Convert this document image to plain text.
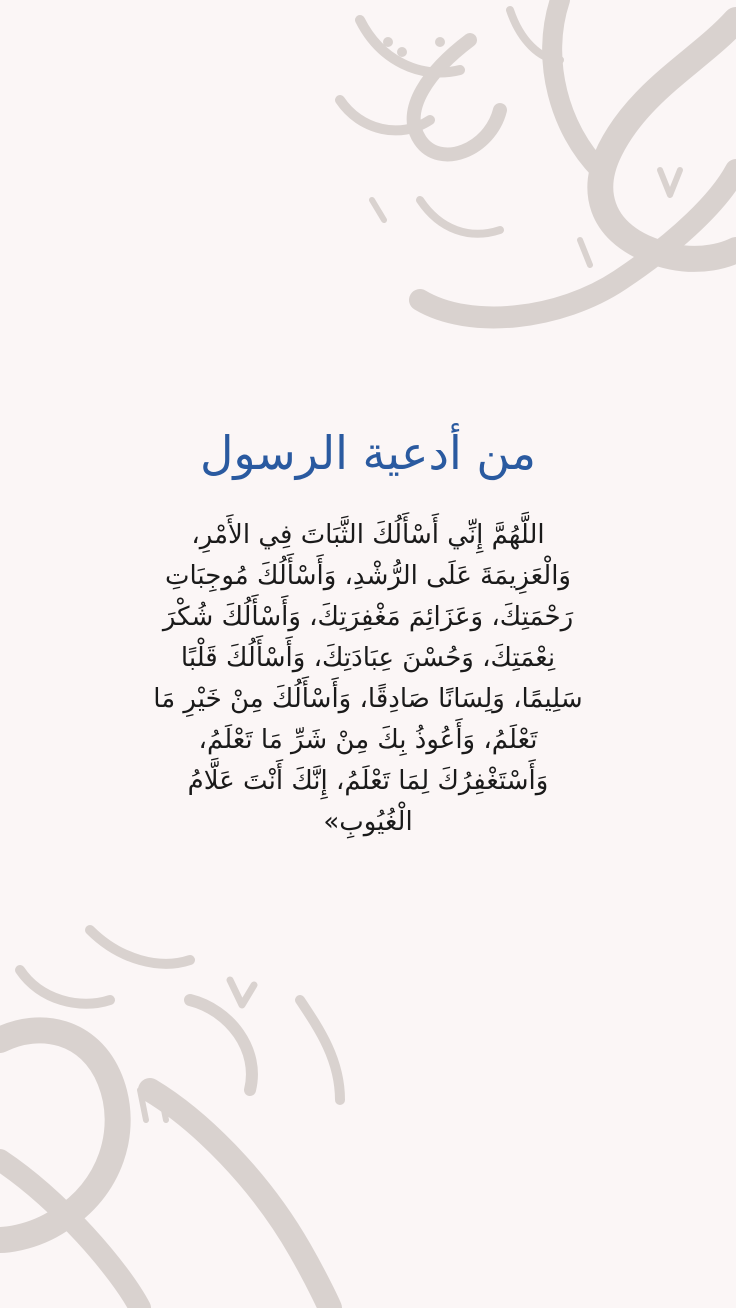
من أدعية الرسول

اللَّهُمَّ إِنِّي أَسْأَلُكَ الثَّبَاتَ فِي الأَمْرِ، وَالْعَزِيمَةَ عَلَى الرُّشْدِ، وَأَسْأَلُكَ مُوجِبَاتِ رَحْمَتِكَ، وَعَزَائِمَ مَغْفِرَتِكَ، وَأَسْأَلُكَ شُكْرَ نِعْمَتِكَ، وَحُسْنَ عِبَادَتِكَ، وَأَسْأَلُكَ قَلْبًا سَلِيمًا، وَلِسَانًا صَادِقًا، وَأَسْأَلُكَ مِنْ خَيْرِ مَا تَعْلَمُ، وَأَعُوذُ بِكَ مِنْ شَرِّ مَا تَعْلَمُ، وَأَسْتَغْفِرُكَ لِمَا تَعْلَمُ، إِنَّكَ أَنْتَ عَلَّامُ الْغُيُوبِ»
